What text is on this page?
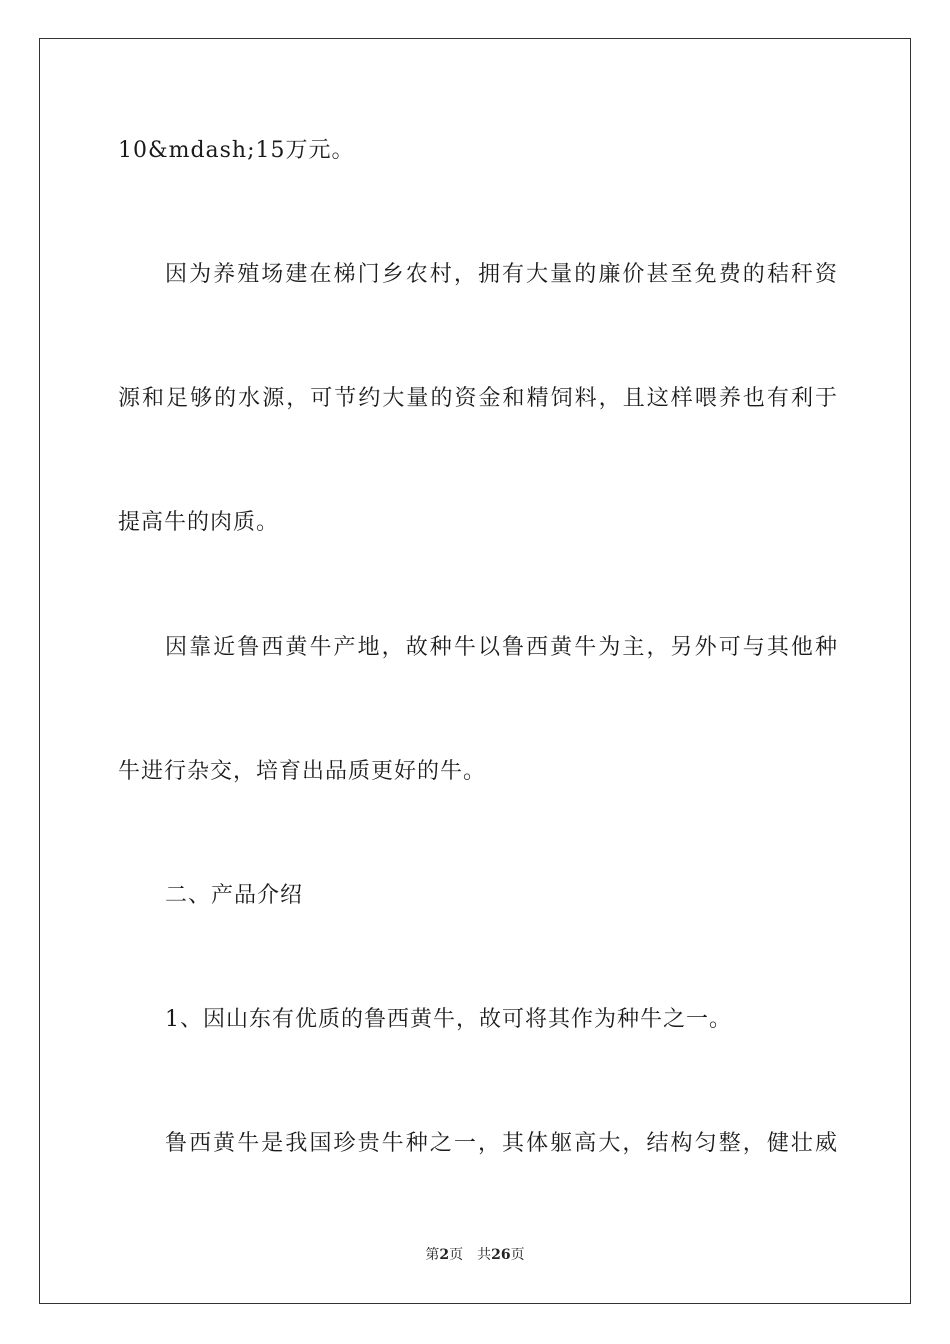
10&mdash;15万元。
因为养殖场建在梯门乡农村，拥有大量的廉价甚至免费的秸秆资
源和足够的水源，可节约大量的资金和精饲料，且这样喂养也有利于
提高牛的肉质。
因靠近鲁西黄牛产地，故种牛以鲁西黄牛为主，另外可与其他种
牛进行杂交，培育出品质更好的牛。
二、产品介绍
1、因山东有优质的鲁西黄牛，故可将其作为种牛之一。
鲁西黄牛是我国珍贵牛种之一，其体躯高大，结构匀整，健壮威
第2页 共26页
